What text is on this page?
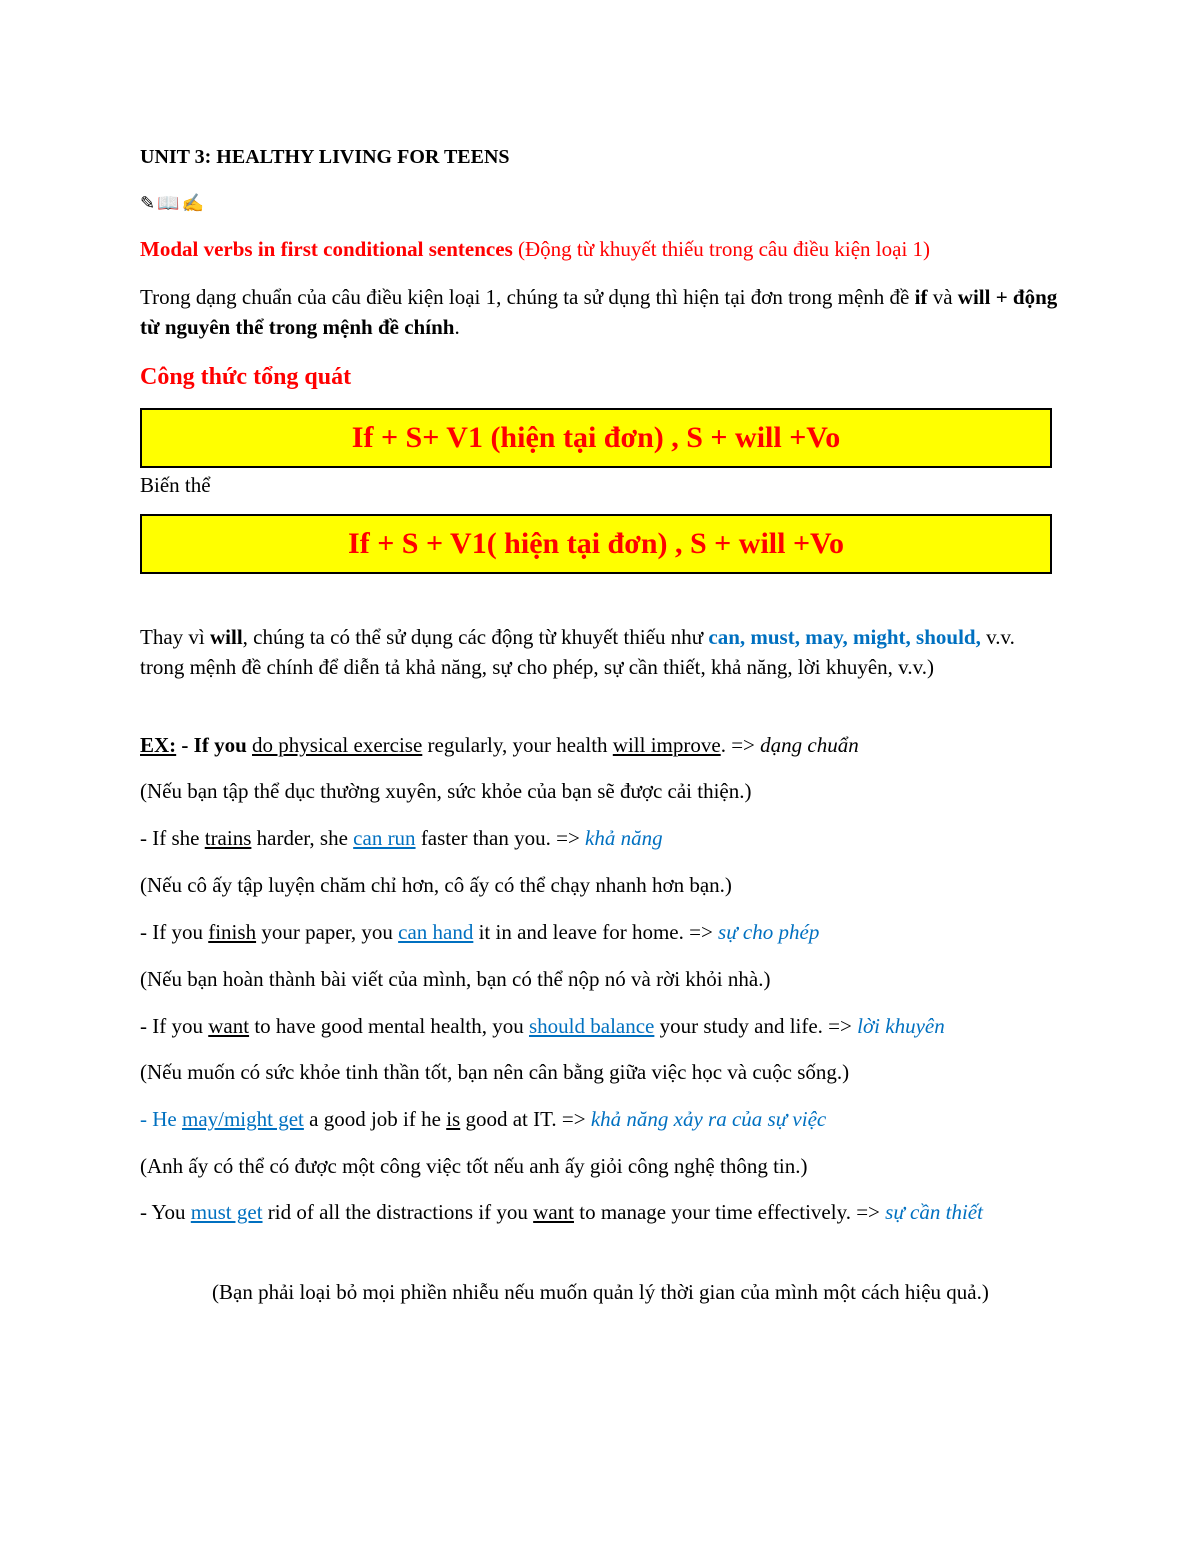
UNIT 3: HEALTHY LIVING FOR TEENS
✎📖✍
Modal verbs in first conditional sentences (Động từ khuyết thiếu trong câu điều kiện loại 1)
Trong dạng chuẩn của câu điều kiện loại 1, chúng ta sử dụng thì hiện tại đơn trong mệnh đề if và will + động từ nguyên thể trong mệnh đề chính.
Công thức tổng quát
If + S+ V1 (hiện tại đơn) , S + will +Vo
Biến thể
If + S + V1( hiện tại đơn) , S + will +Vo
Thay vì will, chúng ta có thể sử dụng các động từ khuyết thiếu như can, must, may, might, should, v.v. trong mệnh đề chính để diễn tả khả năng, sự cho phép, sự cần thiết, khả năng, lời khuyên, v.v.)
EX: - If you do physical exercise regularly, your health will improve. => dạng chuẩn
(Nếu bạn tập thể dục thường xuyên, sức khỏe của bạn sẽ được cải thiện.)
- If she trains harder, she can run faster than you. => khả năng
(Nếu cô ấy tập luyện chăm chỉ hơn, cô ấy có thể chạy nhanh hơn bạn.)
- If you finish your paper, you can hand it in and leave for home. => sự cho phép
(Nếu bạn hoàn thành bài viết của mình, bạn có thể nộp nó và rời khỏi nhà.)
- If you want to have good mental health, you should balance your study and life. => lời khuyên
(Nếu muốn có sức khỏe tinh thần tốt, bạn nên cân bằng giữa việc học và cuộc sống.)
- He may/might get a good job if he is good at IT. => khả năng xảy ra của sự việc
(Anh ấy có thể có được một công việc tốt nếu anh ấy giỏi công nghệ thông tin.)
- You must get rid of all the distractions if you want to manage your time effectively. => sự cần thiết
(Bạn phải loại bỏ mọi phiền nhiễu nếu muốn quản lý thời gian của mình một cách hiệu quả.)
